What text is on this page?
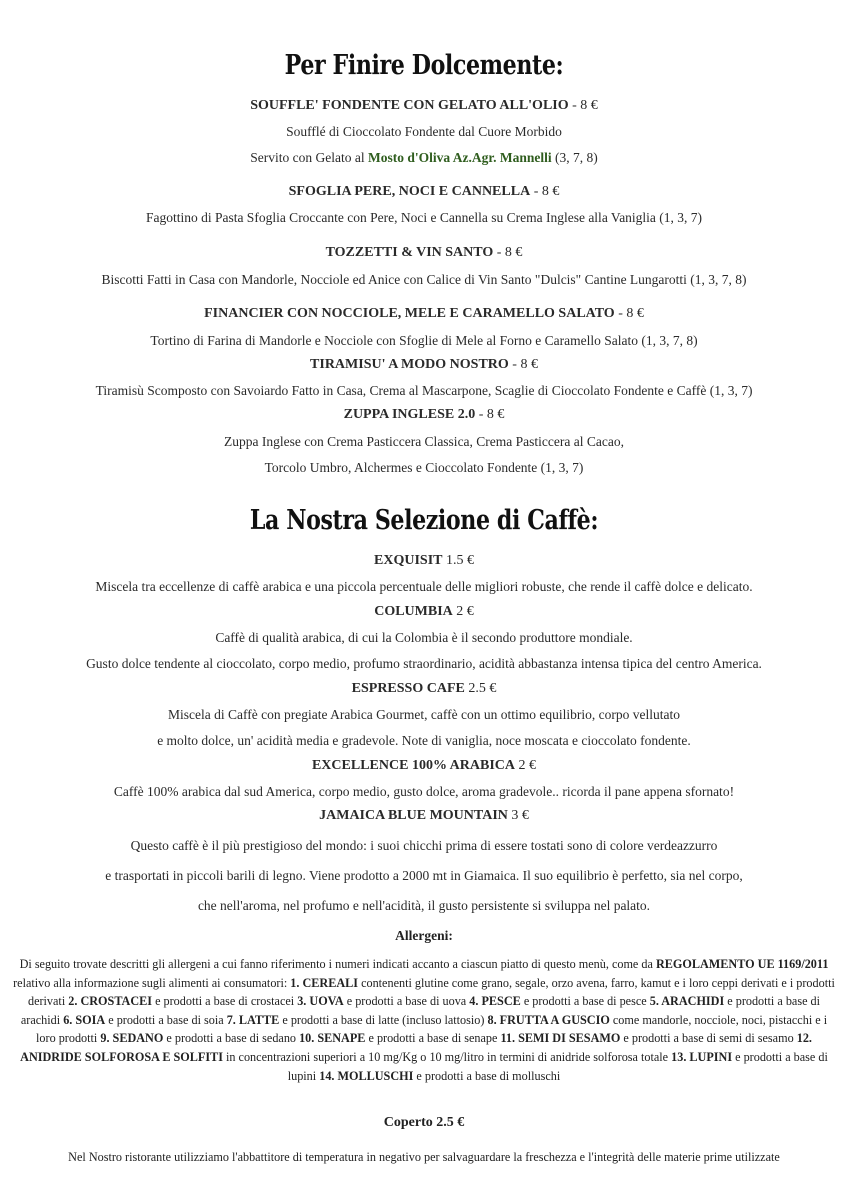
Per Finire Dolcemente:
SOUFFLE' FONDENTE CON GELATO ALL'OLIO - 8 €
Soufflé di Cioccolato Fondente dal Cuore Morbido
Servito con Gelato al Mosto d'Oliva Az.Agr. Mannelli (3, 7, 8)
SFOGLIA PERE, NOCI E CANNELLA - 8 €
Fagottino di Pasta Sfoglia Croccante con Pere, Noci e Cannella su Crema Inglese alla Vaniglia (1, 3, 7)
TOZZETTI & VIN SANTO - 8 €
Biscotti Fatti in Casa con Mandorle, Nocciole ed Anice con Calice di Vin Santo "Dulcis" Cantine Lungarotti (1, 3, 7, 8)
FINANCIER CON NOCCIOLE, MELE E CARAMELLO SALATO - 8 €
Tortino di Farina di Mandorle e Nocciole con Sfoglie di Mele al Forno e Caramello Salato (1, 3, 7, 8)
TIRAMISU' A MODO NOSTRO - 8 €
Tiramisù Scomposto con Savoiardo Fatto in Casa, Crema al Mascarpone, Scaglie di Cioccolato Fondente e Caffè (1, 3, 7)
ZUPPA INGLESE 2.0 - 8 €
Zuppa Inglese con Crema Pasticcera Classica, Crema Pasticcera al Cacao,
Torcolo Umbro, Alchermes e Cioccolato Fondente (1, 3, 7)
La Nostra Selezione di Caffè:
EXQUISIT 1.5 €
Miscela tra eccellenze di caffè arabica e una piccola percentuale delle migliori robuste, che rende il caffè dolce e delicato.
COLUMBIA 2 €
Caffè di qualità arabica, di cui la Colombia è il secondo produttore mondiale.
Gusto dolce tendente al cioccolato, corpo medio, profumo straordinario, acidità abbastanza intensa tipica del centro America.
ESPRESSO CAFE 2.5 €
Miscela di Caffè con pregiate Arabica Gourmet, caffè con un ottimo equilibrio, corpo vellutato
e molto dolce, un' acidità media e gradevole. Note di vaniglia, noce moscata e cioccolato fondente.
EXCELLENCE 100% ARABICA 2 €
Caffè 100% arabica dal sud America, corpo medio, gusto dolce, aroma gradevole.. ricorda il pane appena sfornato!
JAMAICA BLUE MOUNTAIN 3 €
Questo caffè è il più prestigioso del mondo: i suoi chicchi prima di essere tostati sono di colore verdeazzurro
e trasportati in piccoli barili di legno. Viene prodotto a 2000 mt in Giamaica. Il suo equilibrio è perfetto, sia nel corpo,
che nell'aroma, nel profumo e nell'acidità, il gusto persistente si sviluppa nel palato.
Allergeni:
Di seguito trovate descritti gli allergeni a cui fanno riferimento i numeri indicati accanto a ciascun piatto di questo menù, come da REGOLAMENTO UE 1169/2011 relativo alla informazione sugli alimenti ai consumatori: 1. CEREALI contenenti glutine come grano, segale, orzo avena, farro, kamut e i loro ceppi derivati e i prodotti derivati 2. CROSTACEI e prodotti a base di crostacei 3. UOVA e prodotti a base di uova 4. PESCE e prodotti a base di pesce 5. ARACHIDI e prodotti a base di arachidi 6. SOIA e prodotti a base di soia 7. LATTE e prodotti a base di latte (incluso lattosio) 8. FRUTTA A GUSCIO come mandorle, nocciole, noci, pistacchi e i loro prodotti 9. SEDANO e prodotti a base di sedano 10. SENAPE e prodotti a base di senape 11. SEMI DI SESAMO e prodotti a base di semi di sesamo 12. ANIDRIDE SOLFOROSA E SOLFITI in concentrazioni superiori a 10 mg/Kg o 10 mg/litro in termini di anidride solforosa totale 13. LUPINI e prodotti a base di lupini 14. MOLLUSCHI e prodotti a base di molluschi
Coperto 2.5 €
Nel Nostro ristorante utilizziamo l'abbattitore di temperatura in negativo per salvaguardare la freschezza e l'integrità delle materie prime utilizzate
